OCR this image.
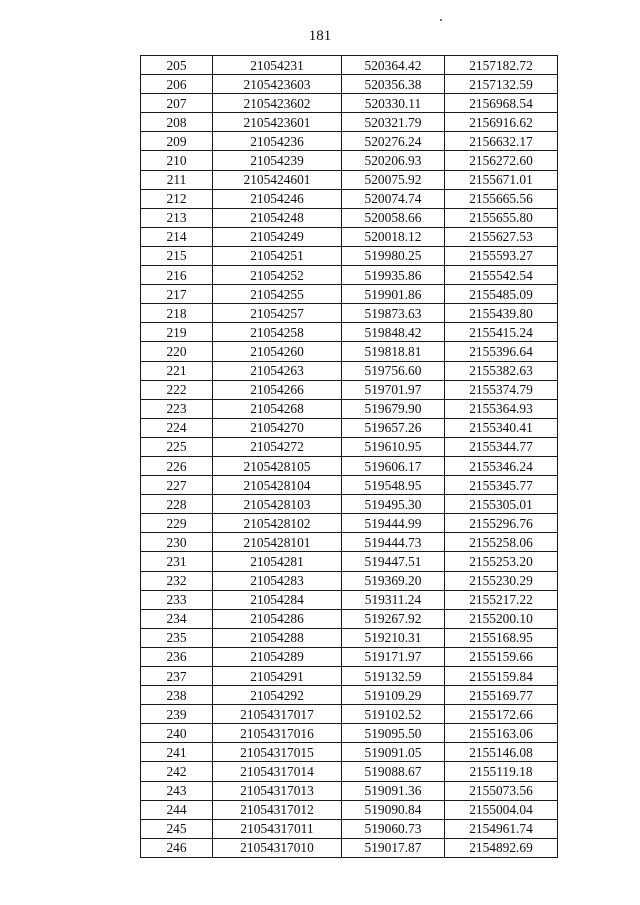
181
205	21054231	520364.42	2157182.72
206	2105423603	520356.38	2157132.59
207	2105423602	520330.11	2156968.54
208	2105423601	520321.79	2156916.62
209	21054236	520276.24	2156632.17
210	21054239	520206.93	2156272.60
211	2105424601	520075.92	2155671.01
212	21054246	520074.74	2155665.56
213	21054248	520058.66	2155655.80
214	21054249	520018.12	2155627.53
215	21054251	519980.25	2155593.27
216	21054252	519935.86	2155542.54
217	21054255	519901.86	2155485.09
218	21054257	519873.63	2155439.80
219	21054258	519848.42	2155415.24
220	21054260	519818.81	2155396.64
221	21054263	519756.60	2155382.63
222	21054266	519701.97	2155374.79
223	21054268	519679.90	2155364.93
224	21054270	519657.26	2155340.41
225	21054272	519610.95	2155344.77
226	2105428105	519606.17	2155346.24
227	2105428104	519548.95	2155345.77
228	2105428103	519495.30	2155305.01
229	2105428102	519444.99	2155296.76
230	2105428101	519444.73	2155258.06
231	21054281	519447.51	2155253.20
232	21054283	519369.20	2155230.29
233	21054284	519311.24	2155217.22
234	21054286	519267.92	2155200.10
235	21054288	519210.31	2155168.95
236	21054289	519171.97	2155159.66
237	21054291	519132.59	2155159.84
238	21054292	519109.29	2155169.77
239	21054317017	519102.52	2155172.66
240	21054317016	519095.50	2155163.06
241	21054317015	519091.05	2155146.08
242	21054317014	519088.67	2155119.18
243	21054317013	519091.36	2155073.56
244	21054317012	519090.84	2155004.04
245	21054317011	519060.73	2154961.74
246	21054317010	519017.87	2154892.69
